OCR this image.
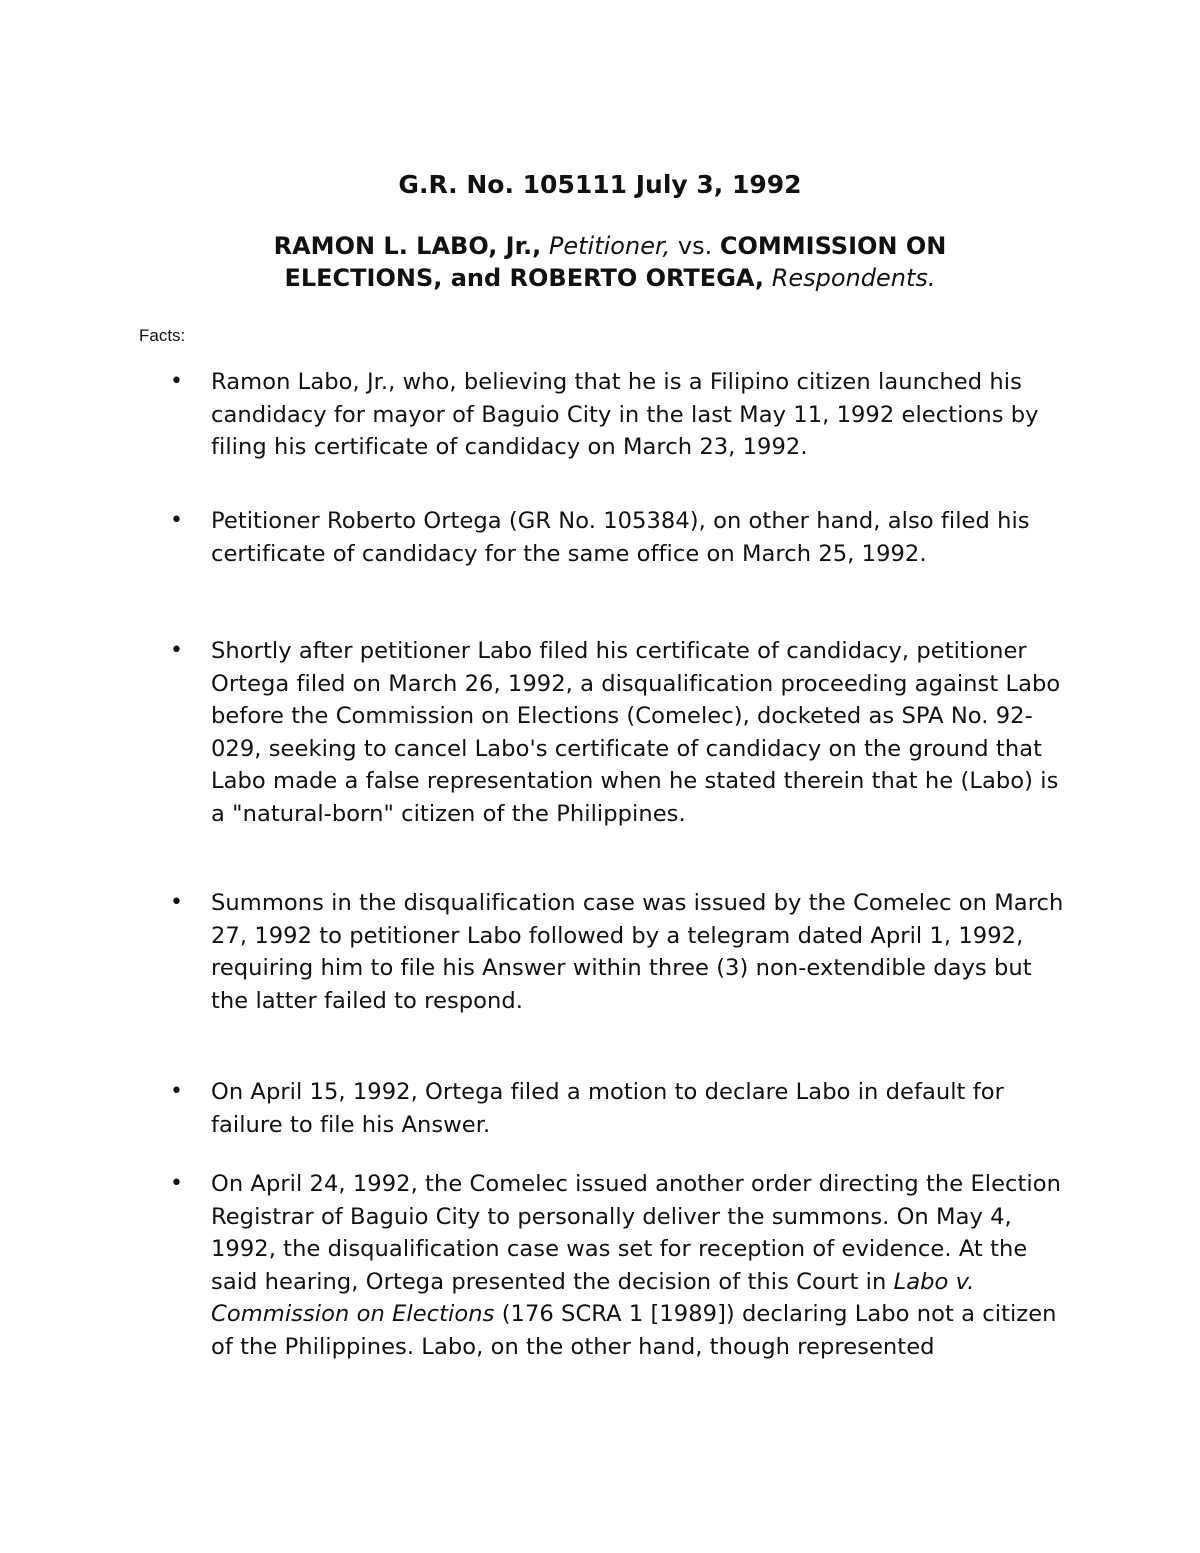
G.R. No. 105111 July 3, 1992
RAMON L. LABO, Jr., Petitioner, vs. COMMISSION ON
ELECTIONS, and ROBERTO ORTEGA, Respondents.
Facts:
•	Ramon Labo, Jr., who, believing that he is a Filipino citizen launched his candidacy for mayor of Baguio City in the last May 11, 1992 elections by filing his certificate of candidacy on March 23, 1992.
•	Petitioner Roberto Ortega (GR No. 105384), on other hand, also filed his certificate of candidacy for the same office on March 25, 1992.
•	Shortly after petitioner Labo filed his certificate of candidacy, petitioner Ortega filed on March 26, 1992, a disqualification proceeding against Labo before the Commission on Elections (Comelec), docketed as SPA No. 92-029, seeking to cancel Labo's certificate of candidacy on the ground that Labo made a false representation when he stated therein that he (Labo) is a "natural-born" citizen of the Philippines.
•	Summons in the disqualification case was issued by the Comelec on March 27, 1992 to petitioner Labo followed by a telegram dated April 1, 1992, requiring him to file his Answer within three (3) non-extendible days but the latter failed to respond.
•	On April 15, 1992, Ortega filed a motion to declare Labo in default for failure to file his Answer.
•	On April 24, 1992, the Comelec issued another order directing the Election Registrar of Baguio City to personally deliver the summons. On May 4, 1992, the disqualification case was set for reception of evidence. At the said hearing, Ortega presented the decision of this Court in Labo v. Commission on Elections (176 SCRA 1 [1989]) declaring Labo not a citizen of the Philippines. Labo, on the other hand, though represented
